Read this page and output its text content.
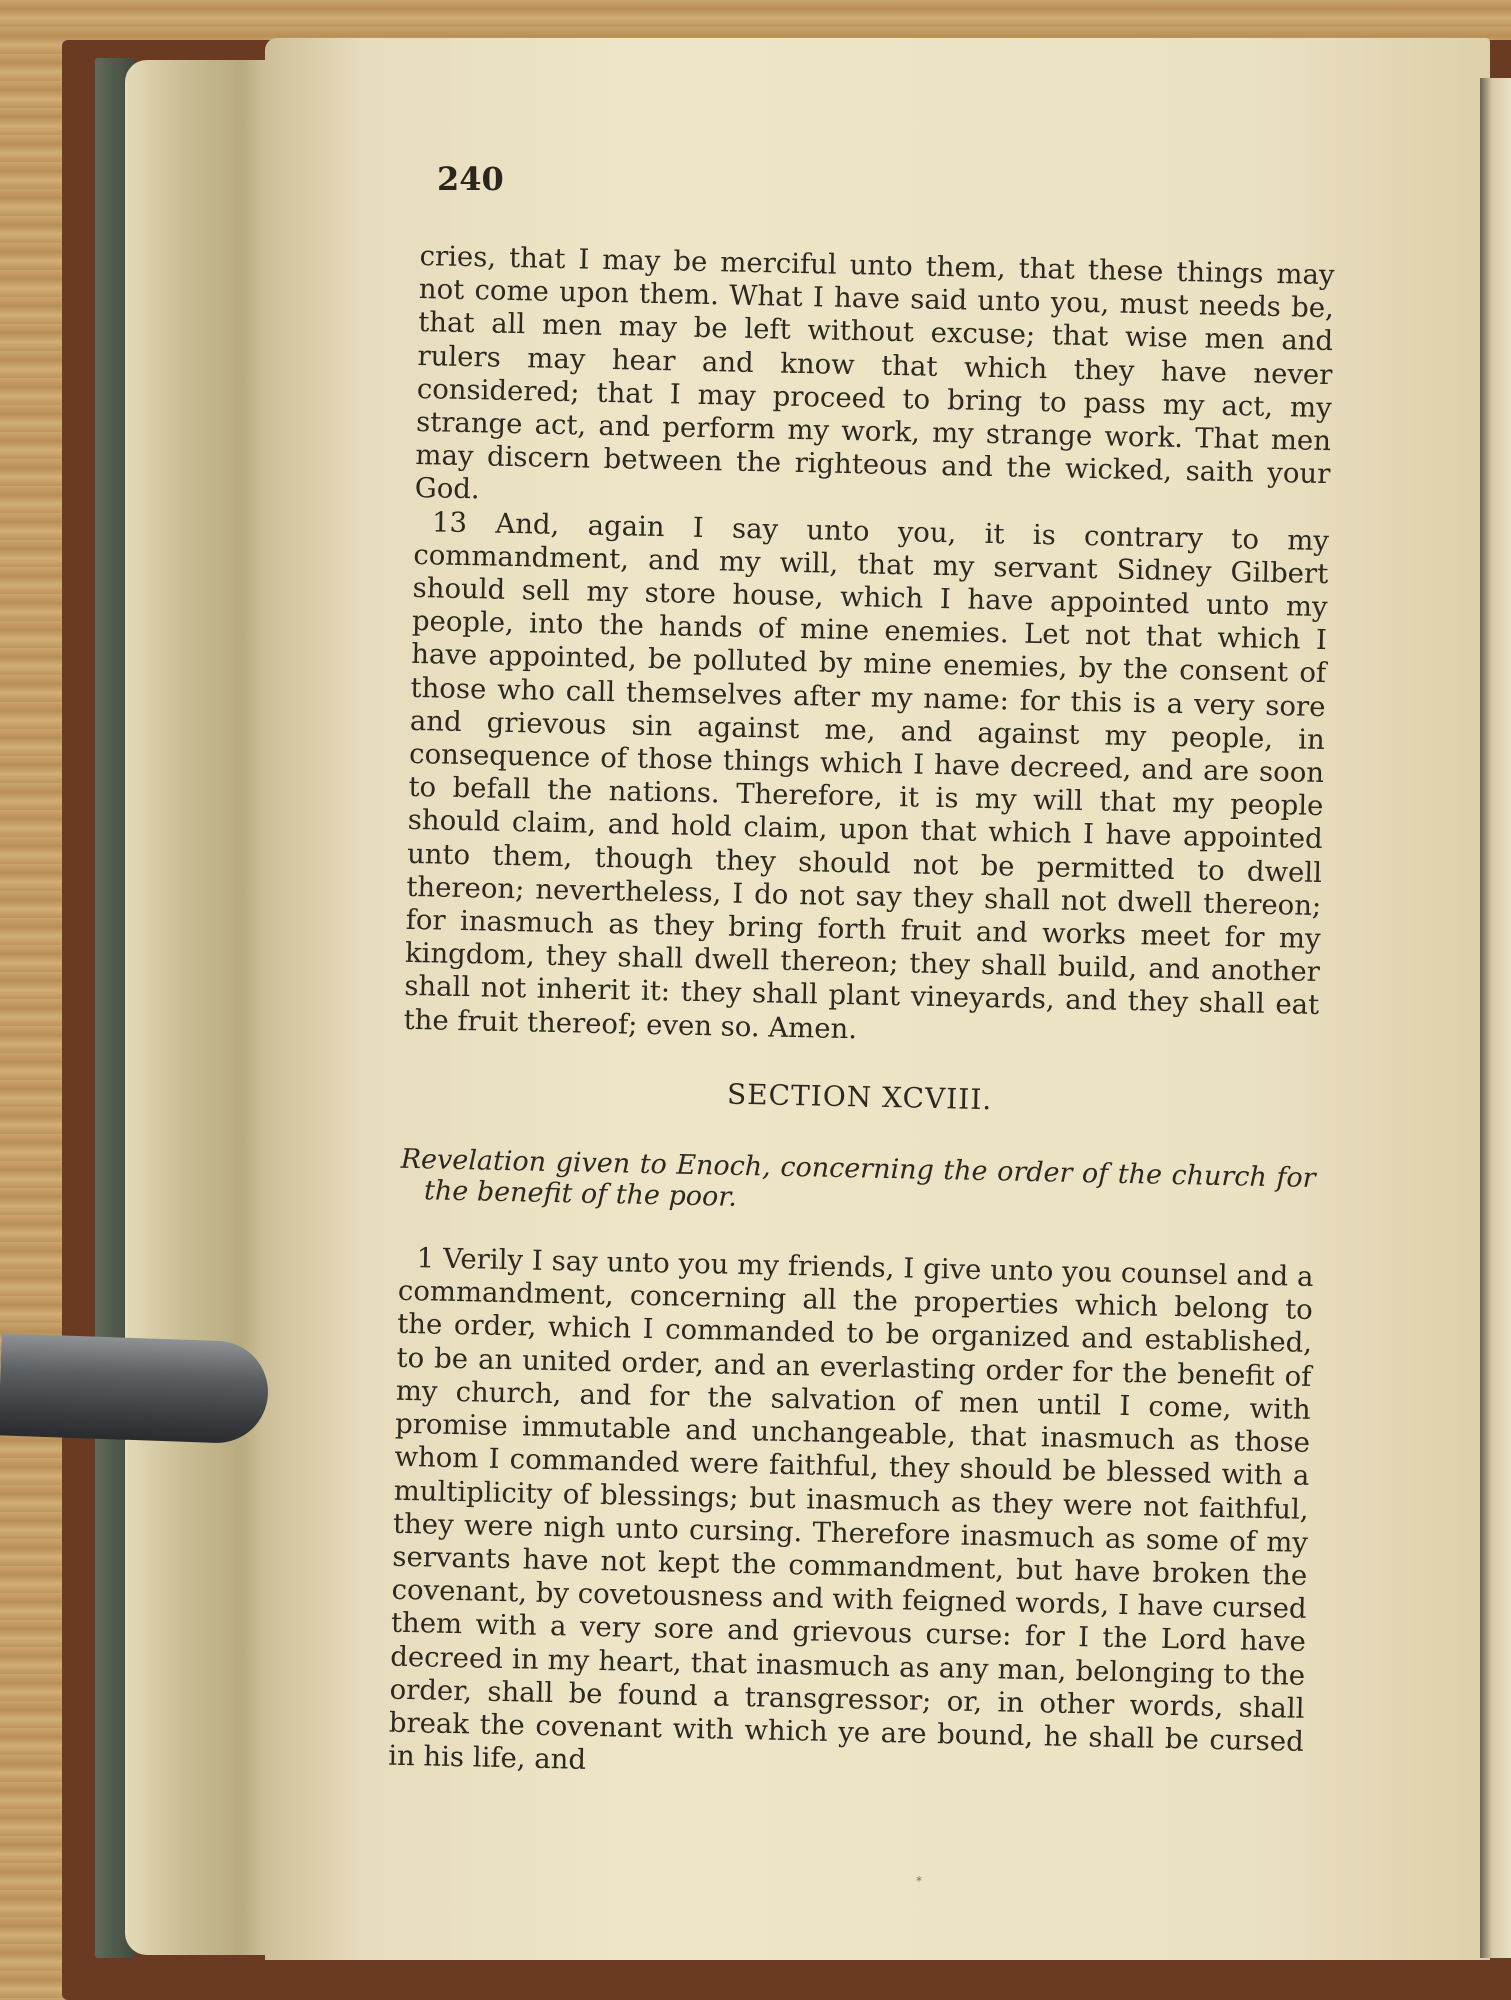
240

cries, that I may be merciful unto them, that these things may not come upon them. What I have said unto you, must needs be, that all men may be left without excuse; that wise men and rulers may hear and know that which they have never considered; that I may proceed to bring to pass my act, my strange act, and perform my work, my strange work. That men may discern between the righteous and the wicked, saith your God.

13 And, again I say unto you, it is contrary to my commandment, and my will, that my servant Sidney Gilbert should sell my store house, which I have appointed unto my people, into the hands of mine enemies. Let not that which I have appointed, be polluted by mine enemies, by the consent of those who call themselves after my name: for this is a very sore and grievous sin against me, and against my people, in consequence of those things which I have decreed, and are soon to befall the nations. Therefore, it is my will that my people should claim, and hold claim, upon that which I have appointed unto them, though they should not be permitted to dwell thereon; nevertheless, I do not say they shall not dwell thereon; for inasmuch as they bring forth fruit and works meet for my kingdom, they shall dwell thereon; they shall build, and another shall not inherit it: they shall plant vineyards, and they shall eat the fruit thereof; even so. Amen.

SECTION XCVIII.

Revelation given to Enoch, concerning the order of the church for the benefit of the poor.

1 Verily I say unto you my friends, I give unto you counsel and a commandment, concerning all the properties which belong to the order, which I commanded to be organized and established, to be an united order, and an everlasting order for the benefit of my church, and for the salvation of men until I come, with promise immutable and unchangeable, that inasmuch as those whom I commanded were faithful, they should be blessed with a multiplicity of blessings; but inasmuch as they were not faithful, they were nigh unto cursing. Therefore inasmuch as some of my servants have not kept the commandment, but have broken the covenant, by covetousness and with feigned words, I have cursed them with a very sore and grievous curse: for I the Lord have decreed in my heart, that inasmuch as any man, belonging to the order, shall be found a transgressor; or, in other words, shall break the covenant with which ye are bound, he shall be cursed in his life, and

*
